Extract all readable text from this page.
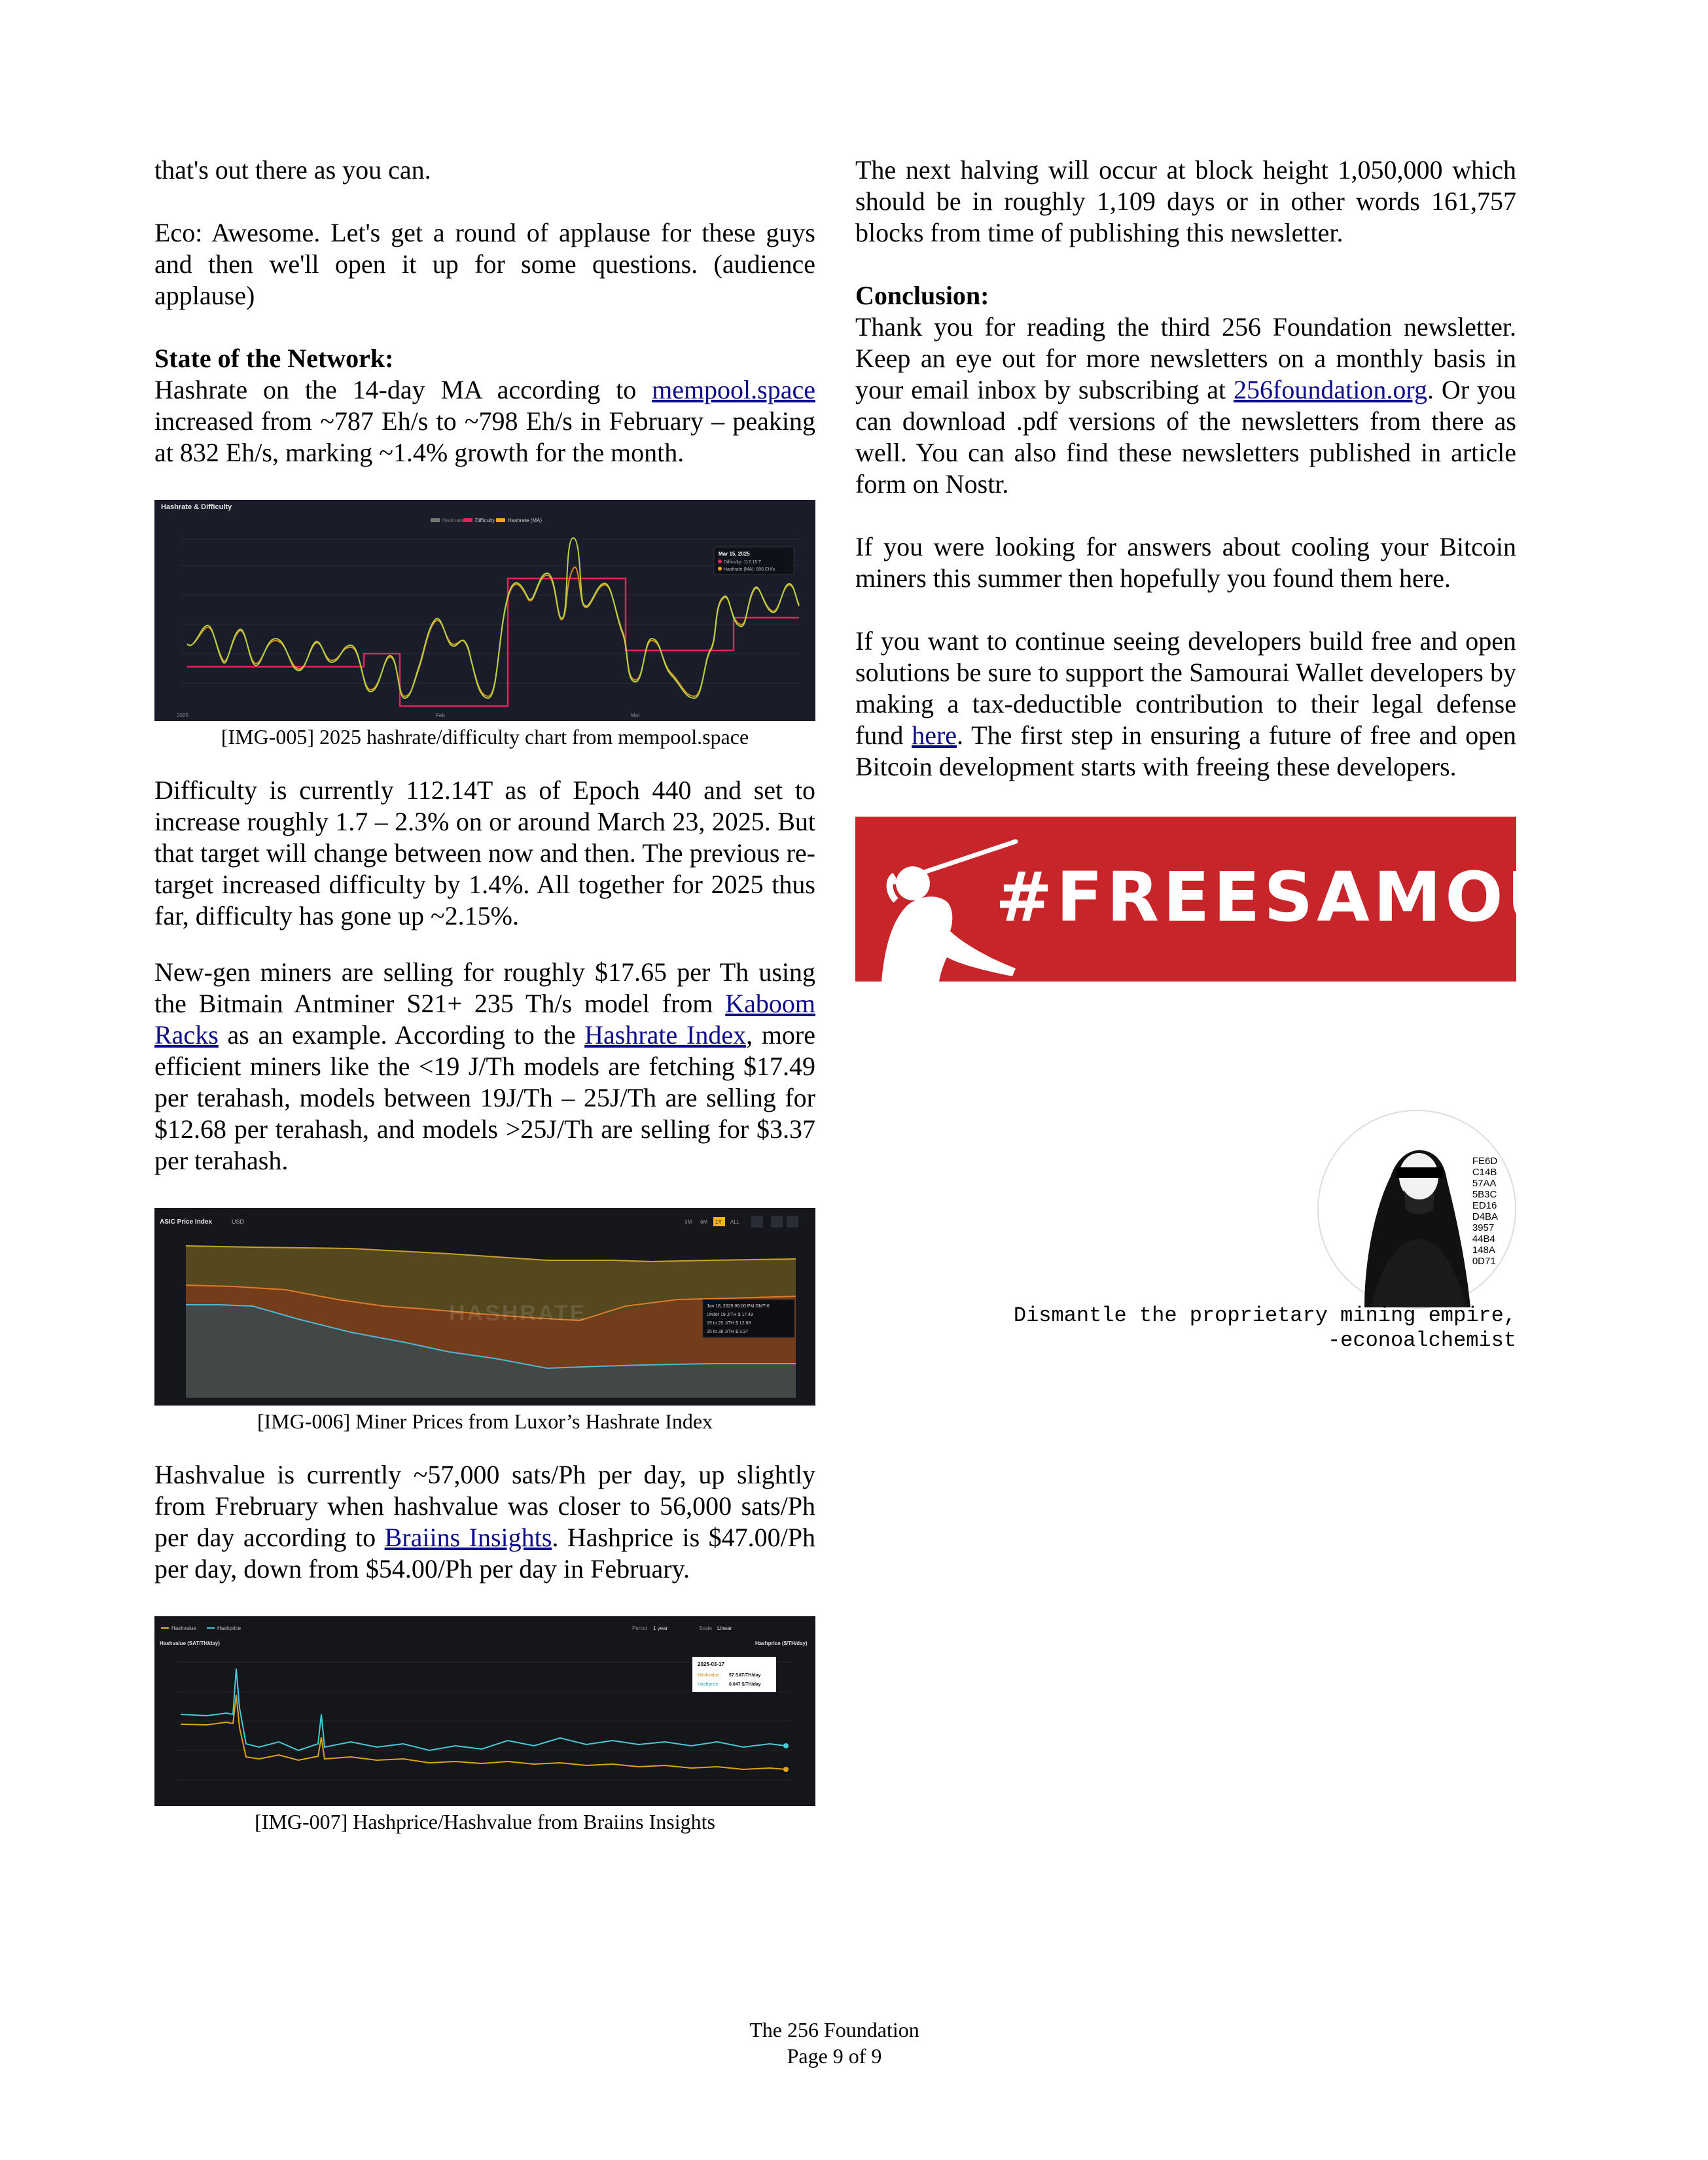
that's out there as you can.

Eco: Awesome. Let's get a round of applause for these guys and then we'll open it up for some questions. (audience applause)

State of the Network:

Hashrate on the 14-day MA according to mempool.space increased from ~787 Eh/s to ~798 Eh/s in February – peaking at 832 Eh/s, marking ~1.4% growth for the month.

Hashrate & Difficulty
Hashrate Difficulty Hashrate (MA)
Mar 15, 2025
Difficulty: 112.15 T
Hashrate (MA): 806 EH/s
2025	Feb	Mar
[IMG-005] 2025 hashrate/difficulty chart from mempool.space

Difficulty is currently 112.14T as of Epoch 440 and set to increase roughly 1.7 – 2.3% on or around March 23, 2025. But that target will change between now and then. The previous re-target increased difficulty by 1.4%. All together for 2025 thus far, difficulty has gone up ~2.15%.

New-gen miners are selling for roughly $17.65 per Th using the Bitmain Antminer S21+ 235 Th/s model from Kaboom Racks as an example. According to the Hashrate Index, more efficient miners like the <19 J/Th models are fetching $17.49 per terahash, models between 19J/Th – 25J/Th are selling for $12.68 per terahash, and models >25J/Th are selling for $3.37 per terahash.

ASIC Price Index	USD	3M 6M 1Y ALL
HASHRATE	Jan 18, 2025 06:00 PM GMT-6
Under 19 J/TH $ 17.49
19 to 25 J/TH $ 12.68
25 to 38 J/TH $ 3.37
[IMG-006] Miner Prices from Luxor’s Hashrate Index

Hashvalue is currently ~57,000 sats/Ph per day, up slightly from Frebruary when hashvalue was closer to 56,000 sats/Ph per day according to Braiins Insights. Hashprice is $47.00/Ph per day, down from $54.00/Ph per day in February.

Hashvalue	Hashprice	Period 1 year	Scale Linear
Hashvalue (SAT/TH/day)	Hashprice ($/TH/day)
2025-03-17
Hashvalue 57 SAT/TH/day
Hashprice 0.047 $/TH/day
[IMG-007] Hashprice/Hashvalue from Braiins Insights

The next halving will occur at block height 1,050,000 which should be in roughly 1,109 days or in other words 161,757 blocks from time of publishing this newsletter.

Conclusion:

Thank you for reading the third 256 Foundation newsletter. Keep an eye out for more newsletters on a monthly basis in your email inbox by subscribing at 256foundation.org. Or you can download .pdf versions of the newsletters from there as well. You can also find these newsletters published in article form on Nostr.

If you were looking for answers about cooling your Bitcoin miners this summer then hopefully you found them here.

If you want to continue seeing developers build free and open solutions be sure to support the Samourai Wallet developers by making a tax-deductible contribution to their legal defense fund here. The first step in ensuring a future of free and open Bitcoin development starts with freeing these developers.

#FREESAMOURAI
FE6D
C14B
57AA
5B3C
ED16
D4BA
3957
44B4
148A
0D71
Dismantle the proprietary mining empire,
-econoalchemist
The 256 Foundation
Page 9 of 9
